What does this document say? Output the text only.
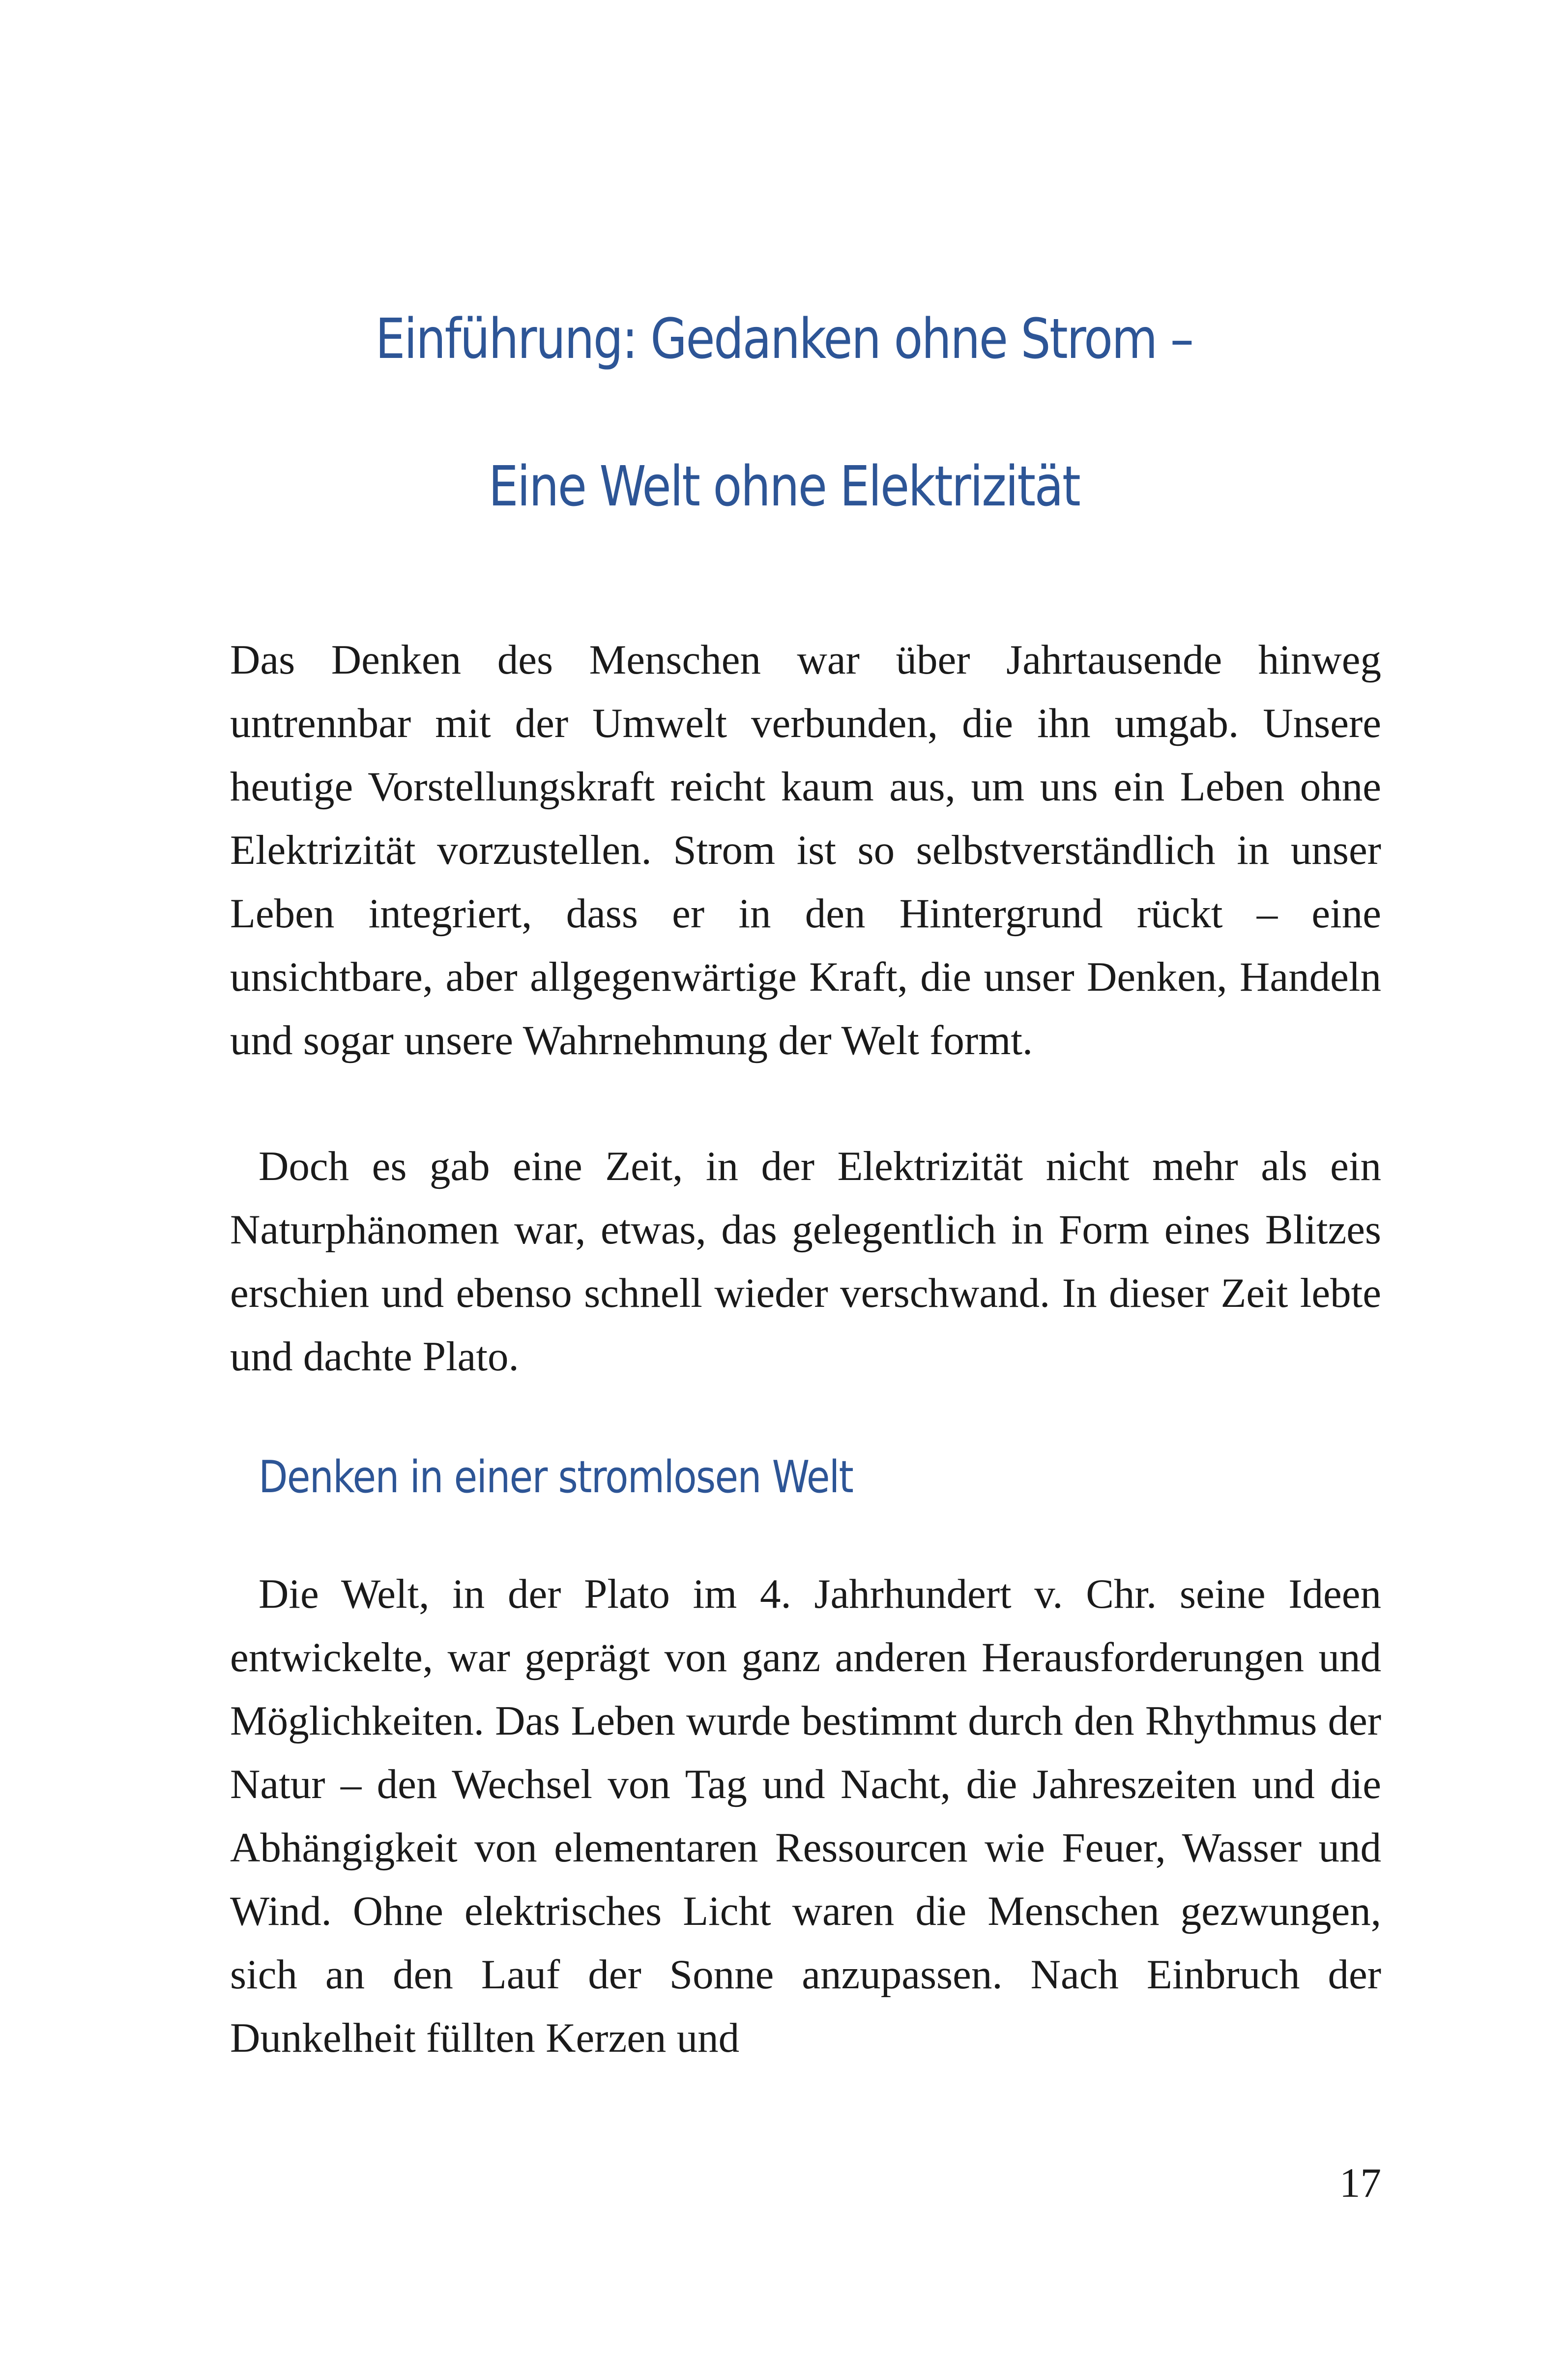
Einführung: Gedanken ohne Strom –
Eine Welt ohne Elektrizität

Das Denken des Menschen war über Jahrtausende hinweg untrennbar mit der Umwelt verbunden, die ihn umgab. Unsere heutige Vorstellungskraft reicht kaum aus, um uns ein Leben ohne Elektrizität vorzustellen. Strom ist so selbstverständlich in unser Leben integriert, dass er in den Hintergrund rückt – eine unsichtbare, aber allgegenwärtige Kraft, die unser Denken, Handeln und sogar unsere Wahrnehmung der Welt formt.

Doch es gab eine Zeit, in der Elektrizität nicht mehr als ein Naturphänomen war, etwas, das gelegentlich in Form eines Blitzes erschien und ebenso schnell wieder verschwand. In dieser Zeit lebte und dachte Plato.

Denken in einer stromlosen Welt

Die Welt, in der Plato im 4. Jahrhundert v. Chr. seine Ideen entwickelte, war geprägt von ganz anderen Herausforderungen und Möglichkeiten. Das Leben wurde bestimmt durch den Rhythmus der Natur – den Wechsel von Tag und Nacht, die Jahreszeiten und die Abhängigkeit von elementaren Ressourcen wie Feuer, Wasser und Wind. Ohne elektrisches Licht waren die Menschen gezwungen, sich an den Lauf der Sonne anzupassen. Nach Einbruch der Dunkelheit füllten Kerzen und

17
